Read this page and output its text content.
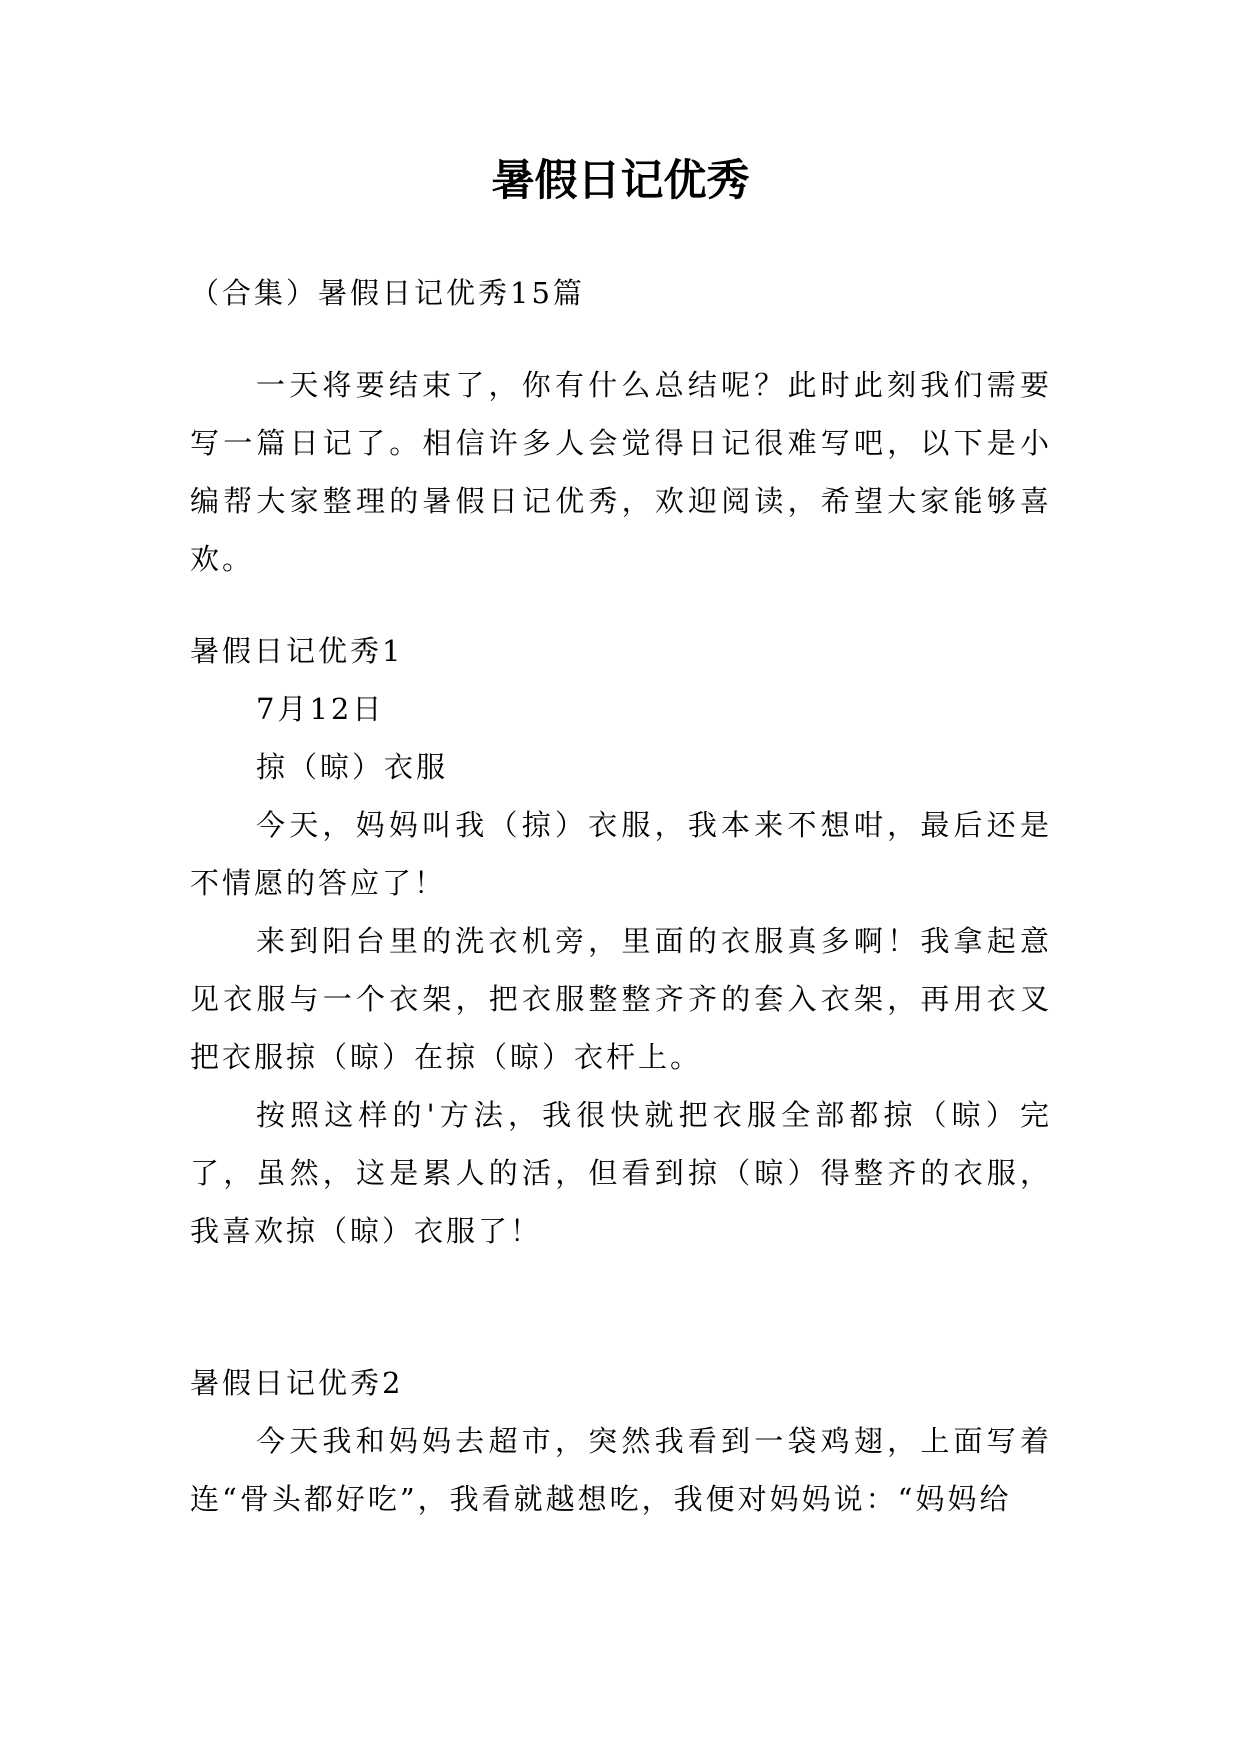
暑假日记优秀

（合集）暑假日记优秀15篇

一天将要结束了，你有什么总结呢？此时此刻我们需要写一篇日记了。相信许多人会觉得日记很难写吧，以下是小编帮大家整理的暑假日记优秀，欢迎阅读，希望大家能够喜欢。

暑假日记优秀1

7月12日

掠（晾）衣服

今天，妈妈叫我（掠）衣服，我本来不想咁，最后还是不情愿的答应了！

来到阳台里的洗衣机旁，里面的衣服真多啊！我拿起意见衣服与一个衣架，把衣服整整齐齐的套入衣架，再用衣叉把衣服掠（晾）在掠（晾）衣杆上。

按照这样的'方法，我很快就把衣服全部都掠（晾）完了，虽然，这是累人的活，但看到掠（晾）得整齐的衣服，我喜欢掠（晾）衣服了！

暑假日记优秀2

今天我和妈妈去超市，突然我看到一袋鸡翅，上面写着连“骨头都好吃”，我看就越想吃，我便对妈妈说：“妈妈给
